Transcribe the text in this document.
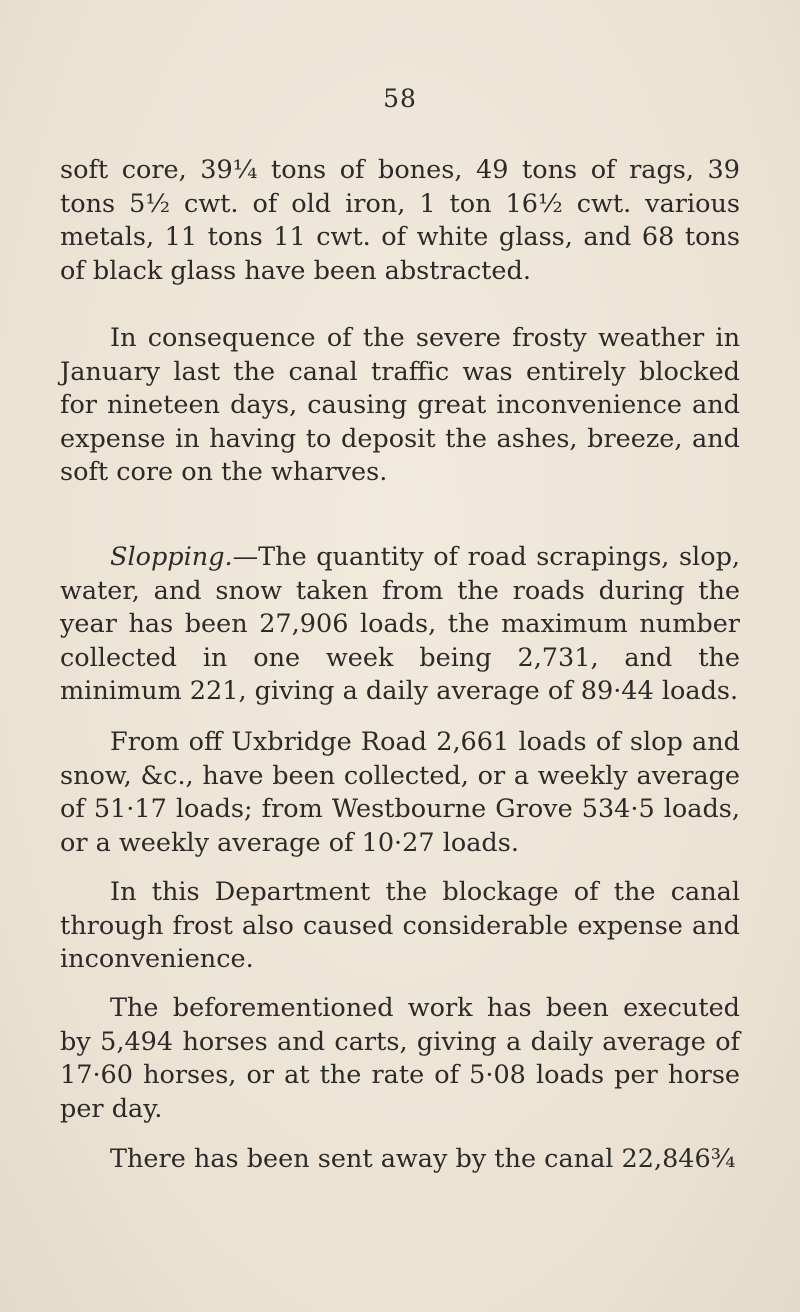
58

soft core, 39¼ tons of bones, 49 tons of rags, 39 tons 5½ cwt. of old iron, 1 ton 16½ cwt. various metals, 11 tons 11 cwt. of white glass, and 68 tons of black glass have been abstracted.

In consequence of the severe frosty weather in January last the canal traffic was entirely blocked for nineteen days, causing great inconvenience and expense in having to deposit the ashes, breeze, and soft core on the wharves.

Slopping.—The quantity of road scrapings, slop, water, and snow taken from the roads during the year has been 27,906 loads, the maximum number collected in one week being 2,731, and the minimum 221, giving a daily average of 89·44 loads.

From off Uxbridge Road 2,661 loads of slop and snow, &c., have been collected, or a weekly average of 51·17 loads; from Westbourne Grove 534·5 loads, or a weekly average of 10·27 loads.

In this Department the blockage of the canal through frost also caused considerable expense and inconvenience.

The beforementioned work has been executed by 5,494 horses and carts, giving a daily average of 17·60 horses, or at the rate of 5·08 loads per horse per day.

There has been sent away by the canal 22,846¾
